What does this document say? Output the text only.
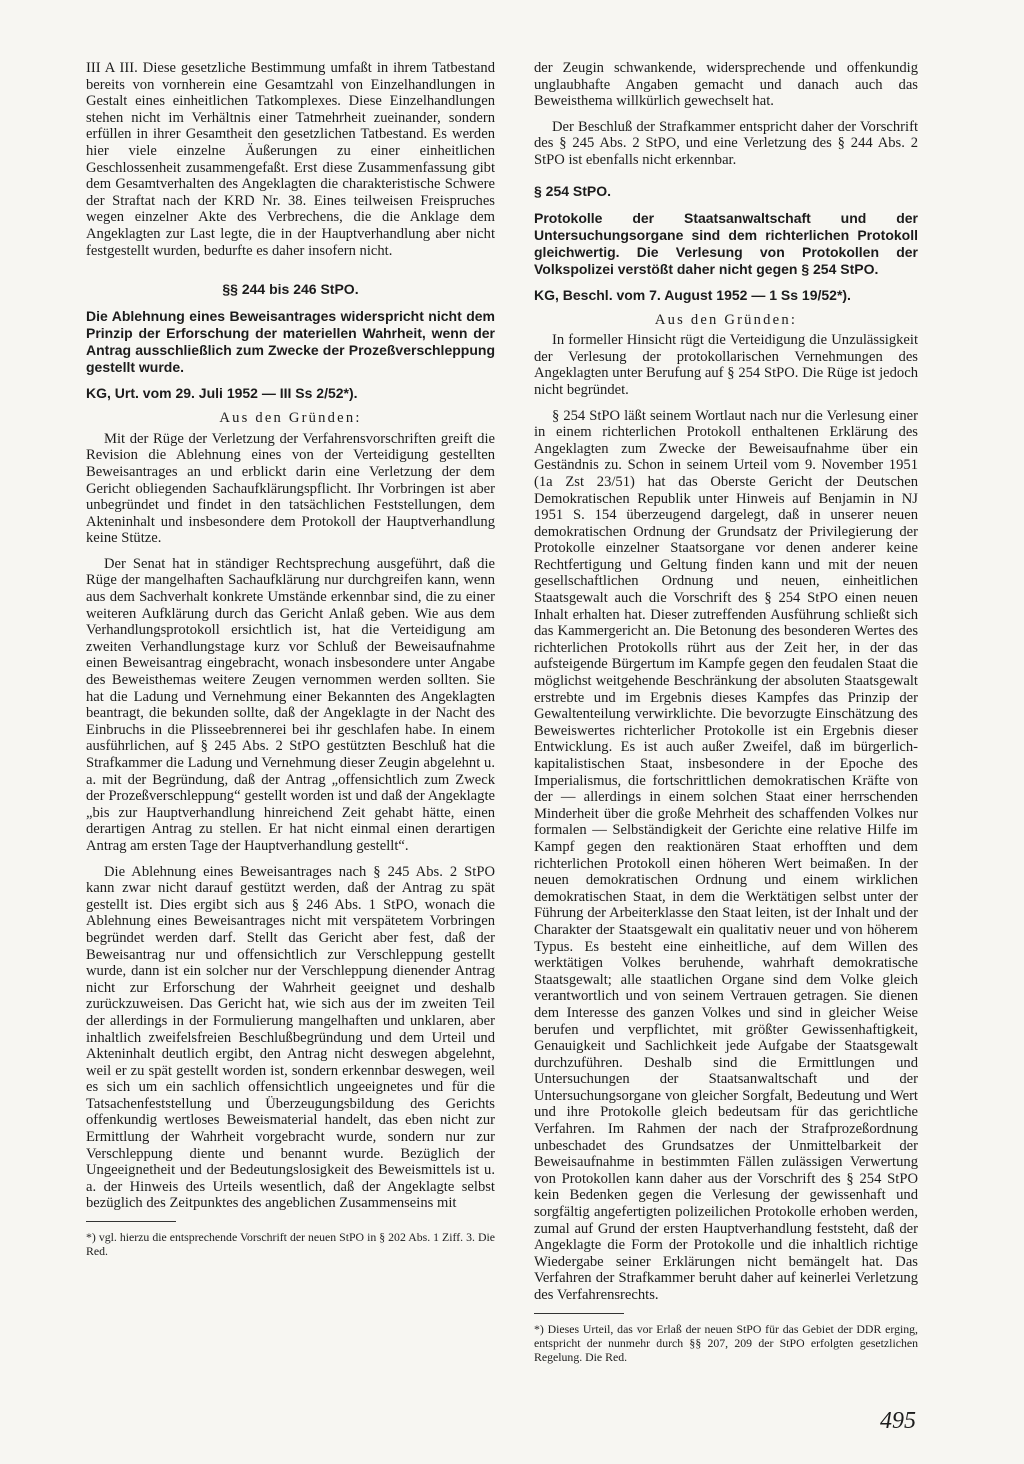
III A III. Diese gesetzliche Bestimmung umfaßt in ihrem Tatbestand bereits von vornherein eine Gesamtzahl von Einzelhandlungen in Gestalt eines einheitlichen Tatkomplexes. Diese Einzelhandlungen stehen nicht im Verhältnis einer Tatmehrheit zueinander, sondern erfüllen in ihrer Gesamtheit den gesetzlichen Tatbestand. Es werden hier viele einzelne Äußerungen zu einer einheitlichen Geschlossenheit zusammengefaßt. Erst diese Zusammenfassung gibt dem Gesamtverhalten des Angeklagten die charakteristische Schwere der Straftat nach der KRD Nr. 38. Eines teilweisen Freispruches wegen einzelner Akte des Verbrechens, die die Anklage dem Angeklagten zur Last legte, die in der Hauptverhandlung aber nicht festgestellt wurden, bedurfte es daher insofern nicht.

§§ 244 bis 246 StPO.

Die Ablehnung eines Beweisantrages widerspricht nicht dem Prinzip der Erforschung der materiellen Wahrheit, wenn der Antrag ausschließlich zum Zwecke der Prozeßverschleppung gestellt wurde.

KG, Urt. vom 29. Juli 1952 — III Ss 2/52*).

Aus den Gründen:

Mit der Rüge der Verletzung der Verfahrensvorschriften greift die Revision die Ablehnung eines von der Verteidigung gestellten Beweisantrages an und erblickt darin eine Verletzung der dem Gericht obliegenden Sachaufklärungspflicht. Ihr Vorbringen ist aber unbegründet und findet in den tatsächlichen Feststellungen, dem Akteninhalt und insbesondere dem Protokoll der Hauptverhandlung keine Stütze.

Der Senat hat in ständiger Rechtsprechung ausgeführt, daß die Rüge der mangelhaften Sachaufklärung nur durchgreifen kann, wenn aus dem Sachverhalt konkrete Umstände erkennbar sind, die zu einer weiteren Aufklärung durch das Gericht Anlaß geben. Wie aus dem Verhandlungsprotokoll ersichtlich ist, hat die Verteidigung am zweiten Verhandlungstage kurz vor Schluß der Beweisaufnahme einen Beweisantrag eingebracht, wonach insbesondere unter Angabe des Beweisthemas weitere Zeugen vernommen werden sollten. Sie hat die Ladung und Vernehmung einer Bekannten des Angeklagten beantragt, die bekunden sollte, daß der Angeklagte in der Nacht des Einbruchs in die Plisseebrennerei bei ihr geschlafen habe. In einem ausführlichen, auf § 245 Abs. 2 StPO gestützten Beschluß hat die Strafkammer die Ladung und Vernehmung dieser Zeugin abgelehnt u. a. mit der Begründung, daß der Antrag „offensichtlich zum Zweck der Prozeßverschleppung“ gestellt worden ist und daß der Angeklagte „bis zur Hauptverhandlung hinreichend Zeit gehabt hätte, einen derartigen Antrag zu stellen. Er hat nicht einmal einen derartigen Antrag am ersten Tage der Hauptverhandlung gestellt“.

Die Ablehnung eines Beweisantrages nach § 245 Abs. 2 StPO kann zwar nicht darauf gestützt werden, daß der Antrag zu spät gestellt ist. Dies ergibt sich aus § 246 Abs. 1 StPO, wonach die Ablehnung eines Beweisantrages nicht mit verspätetem Vorbringen begründet werden darf. Stellt das Gericht aber fest, daß der Beweisantrag nur und offensichtlich zur Verschleppung gestellt wurde, dann ist ein solcher nur der Verschleppung dienender Antrag nicht zur Erforschung der Wahrheit geeignet und deshalb zurückzuweisen. Das Gericht hat, wie sich aus der im zweiten Teil der allerdings in der Formulierung mangelhaften und unklaren, aber inhaltlich zweifelsfreien Beschlußbegründung und dem Urteil und Akteninhalt deutlich ergibt, den Antrag nicht deswegen abgelehnt, weil er zu spät gestellt worden ist, sondern erkennbar deswegen, weil es sich um ein sachlich offensichtlich ungeeignetes und für die Tatsachenfeststellung und Überzeugungsbildung des Gerichts offenkundig wertloses Beweismaterial handelt, das eben nicht zur Ermittlung der Wahrheit vorgebracht wurde, sondern nur zur Verschleppung diente und benannt wurde. Bezüglich der Ungeeignetheit und der Bedeutungslosigkeit des Beweismittels ist u. a. der Hinweis des Urteils wesentlich, daß der Angeklagte selbst bezüglich des Zeitpunktes des angeblichen Zusammenseins mit

*) vgl. hierzu die entsprechende Vorschrift der neuen StPO in § 202 Abs. 1 Ziff. 3. Die Red.

der Zeugin schwankende, widersprechende und offenkundig unglaubhafte Angaben gemacht und danach auch das Beweisthema willkürlich gewechselt hat.

Der Beschluß der Strafkammer entspricht daher der Vorschrift des § 245 Abs. 2 StPO, und eine Verletzung des § 244 Abs. 2 StPO ist ebenfalls nicht erkennbar.

§ 254 StPO.

Protokolle der Staatsanwaltschaft und der Untersuchungsorgane sind dem richterlichen Protokoll gleichwertig. Die Verlesung von Protokollen der Volkspolizei verstößt daher nicht gegen § 254 StPO.

KG, Beschl. vom 7. August 1952 — 1 Ss 19/52*).

Aus den Gründen:

In formeller Hinsicht rügt die Verteidigung die Unzulässigkeit der Verlesung der protokollarischen Vernehmungen des Angeklagten unter Berufung auf § 254 StPO. Die Rüge ist jedoch nicht begründet.

§ 254 StPO läßt seinem Wortlaut nach nur die Verlesung einer in einem richterlichen Protokoll enthaltenen Erklärung des Angeklagten zum Zwecke der Beweisaufnahme über ein Geständnis zu. Schon in seinem Urteil vom 9. November 1951 (1a Zst 23/51) hat das Oberste Gericht der Deutschen Demokratischen Republik unter Hinweis auf Benjamin in NJ 1951 S. 154 überzeugend dargelegt, daß in unserer neuen demokratischen Ordnung der Grundsatz der Privilegierung der Protokolle einzelner Staatsorgane vor denen anderer keine Rechtfertigung und Geltung finden kann und mit der neuen gesellschaftlichen Ordnung und neuen, einheitlichen Staatsgewalt auch die Vorschrift des § 254 StPO einen neuen Inhalt erhalten hat. Dieser zutreffenden Ausführung schließt sich das Kammergericht an. Die Betonung des besonderen Wertes des richterlichen Protokolls rührt aus der Zeit her, in der das aufsteigende Bürgertum im Kampfe gegen den feudalen Staat die möglichst weitgehende Beschränkung der absoluten Staatsgewalt erstrebte und im Ergebnis dieses Kampfes das Prinzip der Gewaltenteilung verwirklichte. Die bevorzugte Einschätzung des Beweiswertes richterlicher Protokolle ist ein Ergebnis dieser Entwicklung. Es ist auch außer Zweifel, daß im bürgerlich-kapitalistischen Staat, insbesondere in der Epoche des Imperialismus, die fortschrittlichen demokratischen Kräfte von der — allerdings in einem solchen Staat einer herrschenden Minderheit über die große Mehrheit des schaffenden Volkes nur formalen — Selbständigkeit der Gerichte eine relative Hilfe im Kampf gegen den reaktionären Staat erhofften und dem richterlichen Protokoll einen höheren Wert beimaßen. In der neuen demokratischen Ordnung und einem wirklichen demokratischen Staat, in dem die Werktätigen selbst unter der Führung der Arbeiterklasse den Staat leiten, ist der Inhalt und der Charakter der Staatsgewalt ein qualitativ neuer und von höherem Typus. Es besteht eine einheitliche, auf dem Willen des werktätigen Volkes beruhende, wahrhaft demokratische Staatsgewalt; alle staatlichen Organe sind dem Volke gleich verantwortlich und von seinem Vertrauen getragen. Sie dienen dem Interesse des ganzen Volkes und sind in gleicher Weise berufen und verpflichtet, mit größter Gewissenhaftigkeit, Genauigkeit und Sachlichkeit jede Aufgabe der Staatsgewalt durchzuführen. Deshalb sind die Ermittlungen und Untersuchungen der Staatsanwaltschaft und der Untersuchungsorgane von gleicher Sorgfalt, Bedeutung und Wert und ihre Protokolle gleich bedeutsam für das gerichtliche Verfahren. Im Rahmen der nach der Strafprozeßordnung unbeschadet des Grundsatzes der Unmittelbarkeit der Beweisaufnahme in bestimmten Fällen zulässigen Verwertung von Protokollen kann daher aus der Vorschrift des § 254 StPO kein Bedenken gegen die Verlesung der gewissenhaft und sorgfältig angefertigten polizeilichen Protokolle erhoben werden, zumal auf Grund der ersten Hauptverhandlung feststeht, daß der Angeklagte die Form der Protokolle und die inhaltlich richtige Wiedergabe seiner Erklärungen nicht bemängelt hat. Das Verfahren der Strafkammer beruht daher auf keinerlei Verletzung des Verfahrensrechts.

*) Dieses Urteil, das vor Erlaß der neuen StPO für das Gebiet der DDR erging, entspricht der nunmehr durch §§ 207, 209 der StPO erfolgten gesetzlichen Regelung. Die Red.

495
